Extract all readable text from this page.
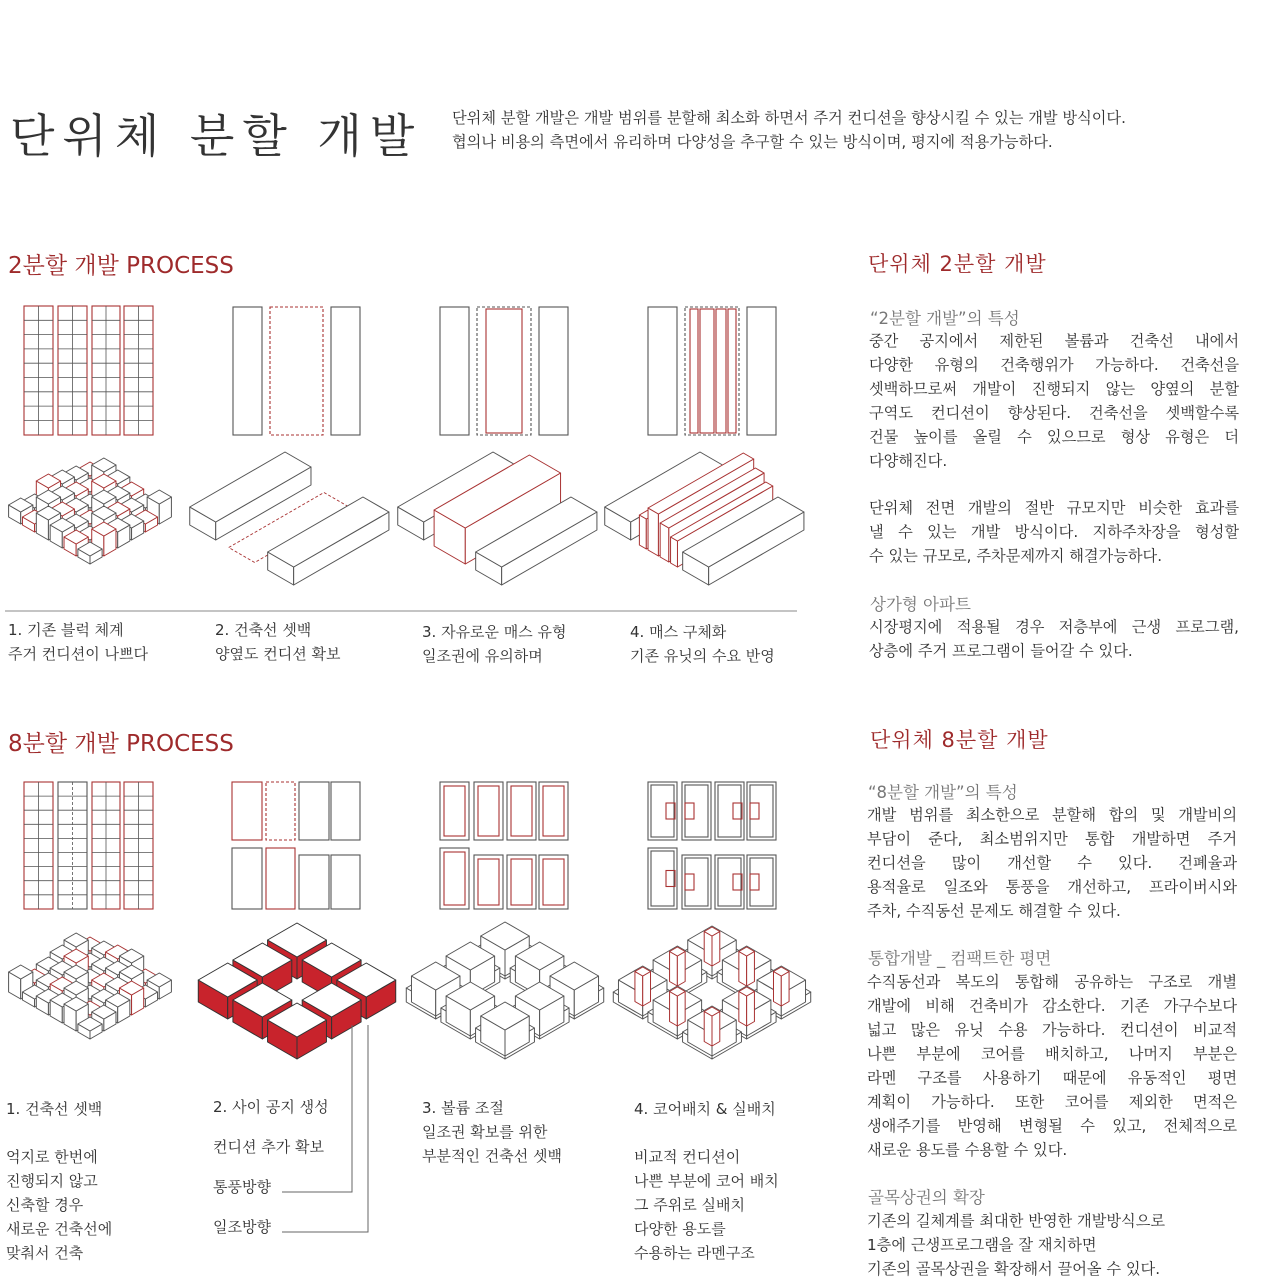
단위체 분할 개발 단위체 분할 개발은 개발 범위를 분할해 최소화 하면서 주거 컨디션을 향상시킬 수 있는 개발 방식이다.
협의나 비용의 측면에서 유리하며 다양성을 추구할 수 있는 방식이며, 평지에 적용가능하다.
2분할 개발 PROCESS
8분할 개발 PROCESS
1. 기존 블럭 체계
주거 컨디션이 나쁘다
2. 건축선 셋백
양옆도 컨디션 확보
3. 자유로운 매스 유형
일조권에 유의하며
4. 매스 구체화
기존 유닛의 수요 반영
1. 건축선 셋백

억지로 한번에
진행되지 않고
신축할 경우
새로운 건축선에
맞춰서 건축
2. 사이 공지 생성

컨디션 추가 확보

통풍방향

일조방향
3. 볼륨 조절
일조권 확보를 위한
부분적인 건축선 셋백
4. 코어배치 & 실배치

비교적 컨디션이
나쁜 부분에 코어 배치
그 주위로 실배치
다양한 용도를
수용하는 라멘구조
단위체 2분할 개발
“2분할 개발”의 특성
중간 공지에서 제한된 볼륨과 건축선 내에서
다양한 유형의 건축행위가 가능하다. 건축선을
셋백하므로써 개발이 진행되지 않는 양옆의 분할
구역도 컨디션이 향상된다. 건축선을 셋백할수록
건물 높이를 올릴 수 있으므로 형상 유형은 더
다양해진다.
단위체 전면 개발의 절반 규모지만 비슷한 효과를
낼 수 있는 개발 방식이다. 지하주차장을 형성할
수 있는 규모로, 주차문제까지 해결가능하다.
상가형 아파트
시장평지에 적용될 경우 저층부에 근생 프로그램,
상층에 주거 프로그램이 들어갈 수 있다.
단위체 8분할 개발
“8분할 개발”의 특성
개발 범위를 최소한으로 분할해 합의 및 개발비의
부담이 준다, 최소범위지만 통합 개발하면 주거
컨디션을 많이 개선할 수 있다. 건폐율과
용적율로 일조와 통풍을 개선하고, 프라이버시와
주차, 수직동선 문제도 해결할 수 있다.
통합개발 _ 컴팩트한 평면
수직동선과 복도의 통합해 공유하는 구조로 개별
개발에 비해 건축비가 감소한다. 기존 가구수보다
넓고 많은 유닛 수용 가능하다. 컨디션이 비교적
나쁜 부분에 코어를 배치하고, 나머지 부분은
라멘 구조를 사용하기 때문에 유동적인 평면
계획이 가능하다. 또한 코어를 제외한 면적은
생애주기를 반영해 변형될 수 있고, 전체적으로
새로운 용도를 수용할 수 있다.
골목상권의 확장
기존의 길체계를 최대한 반영한 개발방식으로
1층에 근생프로그램을 잘 재치하면
기존의 골목상권을 확장해서 끌어올 수 있다.
